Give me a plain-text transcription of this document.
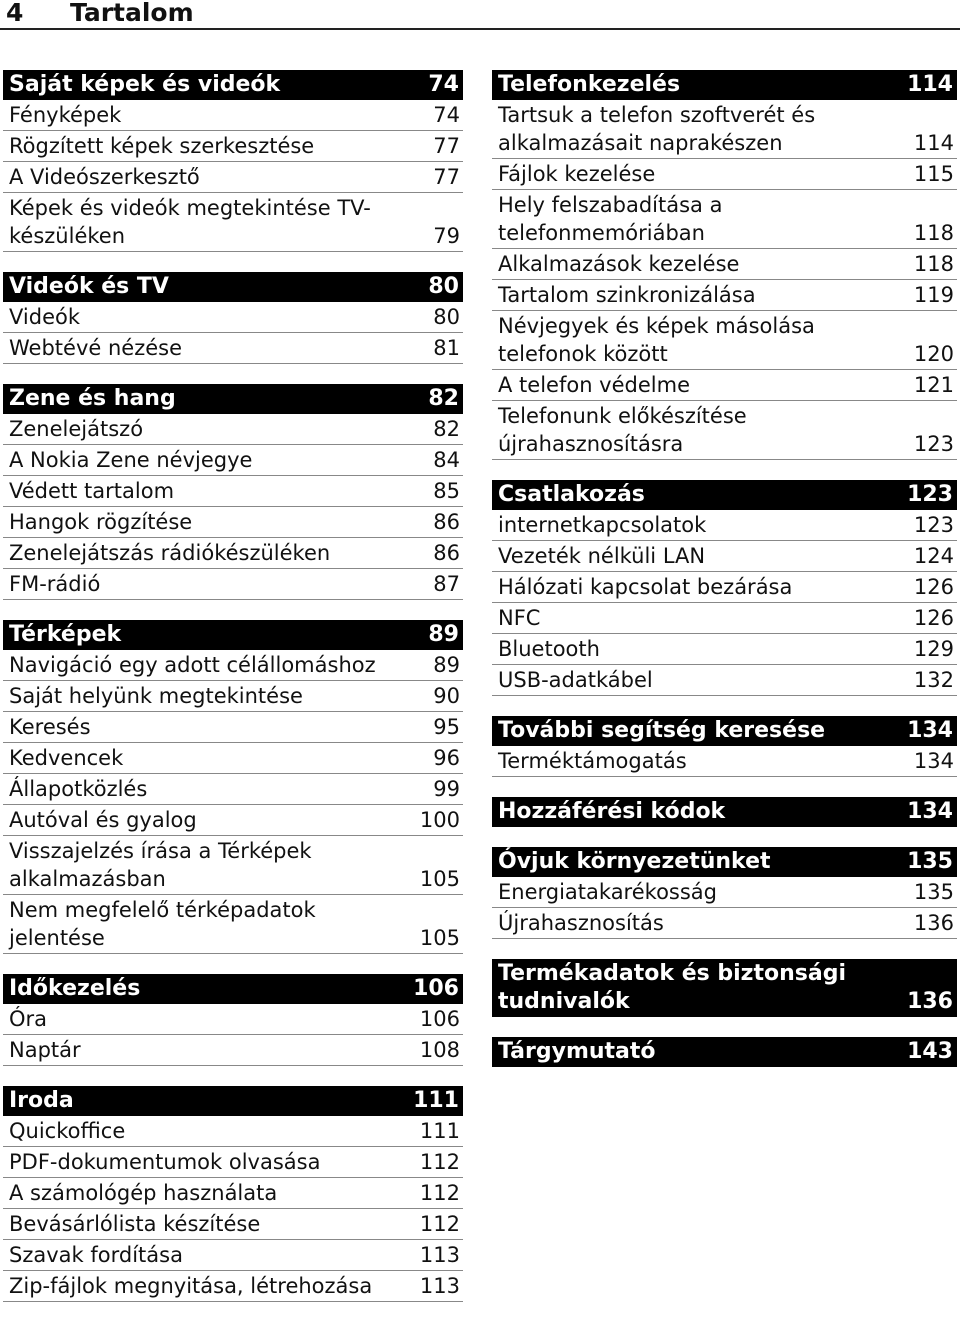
4 Tartalom
Saját képek és videók	74
Fényképek	74
Rögzített képek szerkesztése	77
A Videószerkesztő	77
Képek és videók megtekintése TV-készüléken	79
Videók és TV	80
Videók	80
Webtévé nézése	81
Zene és hang	82
Zenelejátszó	82
A Nokia Zene névjegye	84
Védett tartalom	85
Hangok rögzítése	86
Zenelejátszás rádiókészüléken	86
FM-rádió	87
Térképek	89
Navigáció egy adott célállomáshoz	89
Saját helyünk megtekintése	90
Keresés	95
Kedvencek	96
Állapotközlés	99
Autóval és gyalog	100
Visszajelzés írása a Térképek alkalmazásban	105
Nem megfelelő térképadatok jelentése	105
Időkezelés	106
Óra	106
Naptár	108
Iroda	111
Quickoffice	111
PDF-dokumentumok olvasása	112
A számológép használata	112
Bevásárlólista készítése	112
Szavak fordítása	113
Zip-fájlok megnyitása, létrehozása	113
Telefonkezelés	114
Tartsuk a telefon szoftverét és alkalmazásait naprakészen	114
Fájlok kezelése	115
Hely felszabadítása a telefonmemóriában	118
Alkalmazások kezelése	118
Tartalom szinkronizálása	119
Névjegyek és képek másolása telefonok között	120
A telefon védelme	121
Telefonunk előkészítése újrahasznosításra	123
Csatlakozás	123
internetkapcsolatok	123
Vezeték nélküli LAN	124
Hálózati kapcsolat bezárása	126
NFC	126
Bluetooth	129
USB-adatkábel	132
További segítség keresése	134
Terméktámogatás	134
Hozzáférési kódok	134
Óvjuk környezetünket	135
Energiatakarékosság	135
Újrahasznosítás	136
Termékadatok és biztonsági tudnivalók	136
Tárgymutató	143
